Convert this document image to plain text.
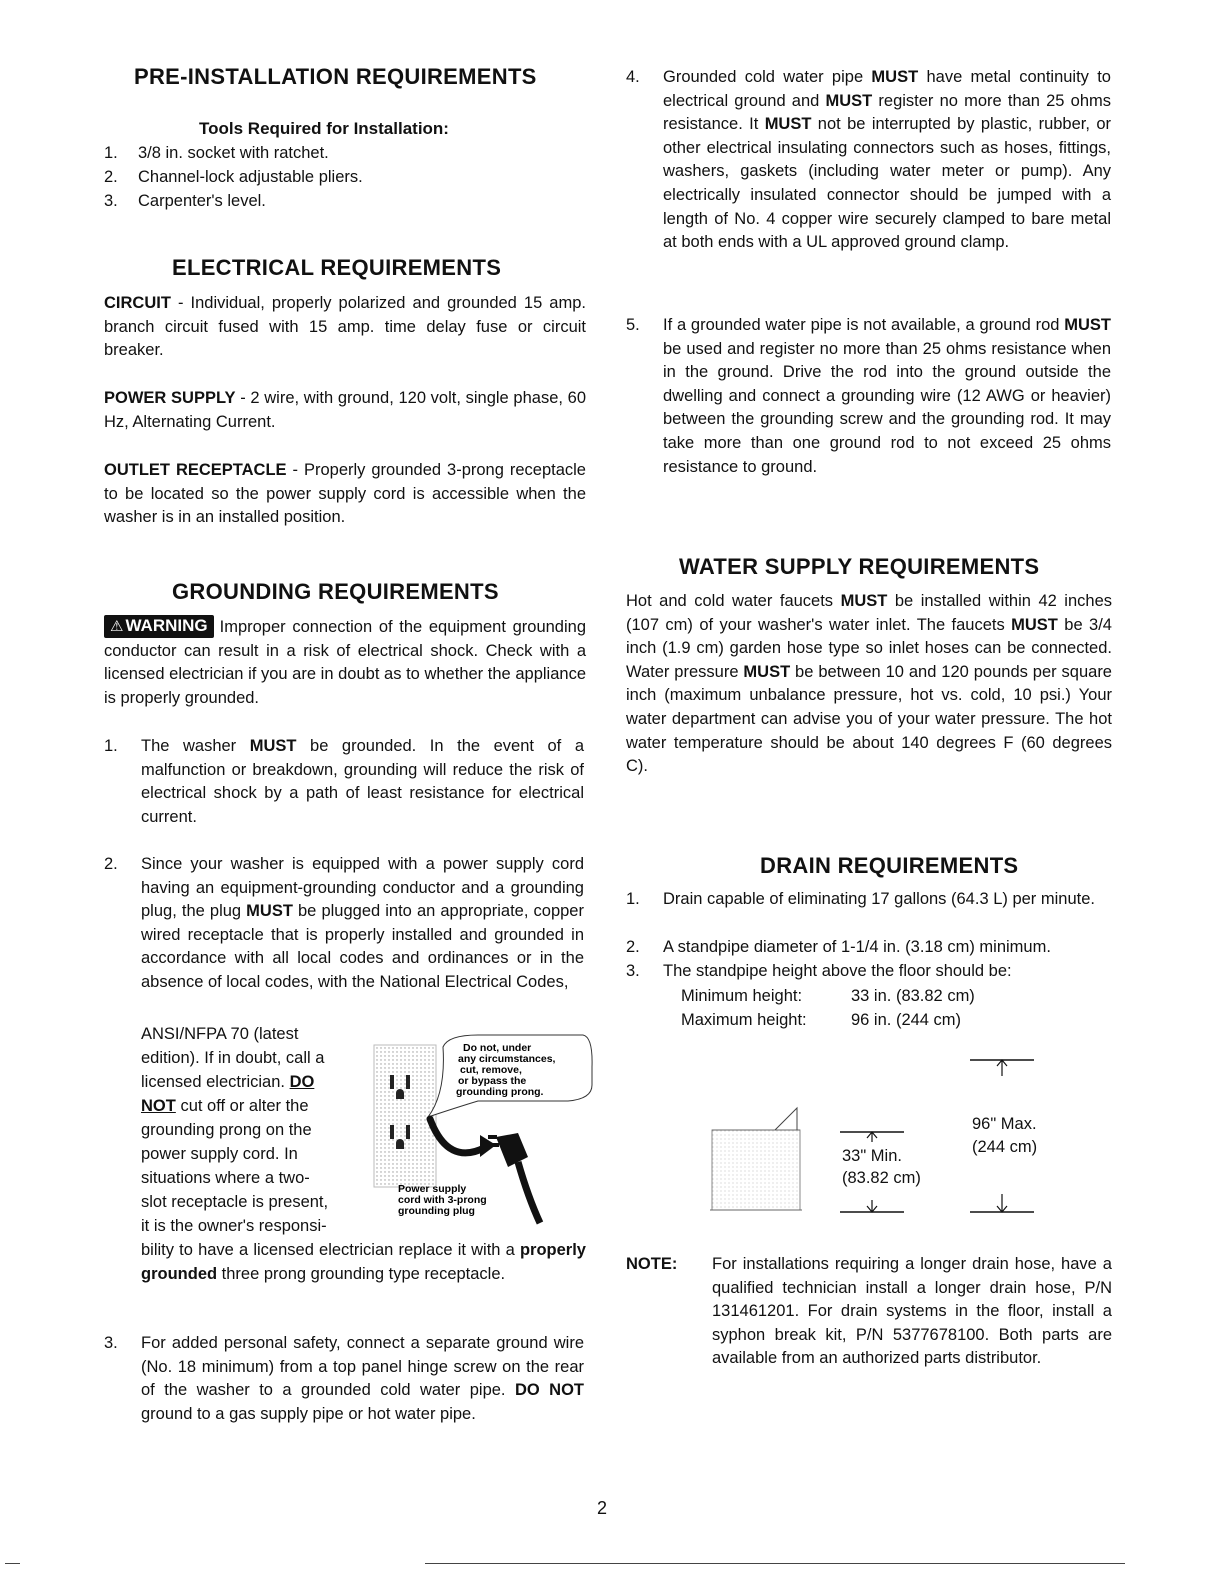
PRE-INSTALLATION REQUIREMENTS
Tools Required for Installation:
1. 3/8 in. socket with ratchet.
2. Channel-lock adjustable pliers.
3. Carpenter's level.
ELECTRICAL REQUIREMENTS
CIRCUIT - Individual, properly polarized and grounded 15 amp. branch circuit fused with 15 amp. time delay fuse or circuit breaker.
POWER SUPPLY - 2 wire, with ground, 120 volt, single phase, 60 Hz, Alternating Current.
OUTLET RECEPTACLE - Properly grounded 3-prong receptacle to be located so the power supply cord is accessible when the washer is in an installed position.
GROUNDING REQUIREMENTS
⚠ WARNING Improper connection of the equipment grounding conductor can result in a risk of electrical shock. Check with a licensed electrician if you are in doubt as to whether the appliance is properly grounded.
1. The washer MUST be grounded. In the event of a malfunction or breakdown, grounding will reduce the risk of electrical shock by a path of least resistance for electrical current.
2. Since your washer is equipped with a power supply cord having an equipment-grounding conductor and a grounding plug, the plug MUST be plugged into an appropriate, copper wired receptacle that is properly installed and grounded in accordance with all local codes and ordinances or in the absence of local codes, with the National Electrical Codes,
ANSI/NFPA 70 (latest
edition). If in doubt, call a
licensed electrician. DO
NOT cut off or alter the
grounding prong on the
power supply cord. In
situations where a two-
slot receptacle is present,
it is the owner's responsi-
Do not, under any circumstances, cut, remove, or bypass the grounding prong.
Power supply cord with 3-prong grounding plug
bility to have a licensed electrician replace it with a properly grounded three prong grounding type receptacle.
3. For added personal safety, connect a separate ground wire (No. 18 minimum) from a top panel hinge screw on the rear of the washer to a grounded cold water pipe. DO NOT ground to a gas supply pipe or hot water pipe.
4. Grounded cold water pipe MUST have metal continuity to electrical ground and MUST register no more than 25 ohms resistance. It MUST not be interrupted by plastic, rubber, or other electrical insulating connectors such as hoses, fittings, washers, gaskets (including water meter or pump). Any electrically insulated connector should be jumped with a length of No. 4 copper wire securely clamped to bare metal at both ends with a UL approved ground clamp.
5. If a grounded water pipe is not available, a ground rod MUST be used and register no more than 25 ohms resistance when in the ground. Drive the rod into the ground outside the dwelling and connect a grounding wire (12 AWG or heavier) between the grounding screw and the grounding rod. It may take more than one ground rod to not exceed 25 ohms resistance to ground.
WATER SUPPLY REQUIREMENTS
Hot and cold water faucets MUST be installed within 42 inches (107 cm) of your washer's water inlet. The faucets MUST be 3/4 inch (1.9 cm) garden hose type so inlet hoses can be connected. Water pressure MUST be between 10 and 120 pounds per square inch (maximum unbalance pressure, hot vs. cold, 10 psi.) Your water department can advise you of your water pressure. The hot water temperature should be about 140 degrees F (60 degrees C).
DRAIN REQUIREMENTS
1. Drain capable of eliminating 17 gallons (64.3 L) per minute.
2. A standpipe diameter of 1-1/4 in. (3.18 cm) minimum.
3. The standpipe height above the floor should be:
Minimum height:	33 in. (83.82 cm)
Maximum height:	96 in. (244 cm)
33" Min.
(83.82 cm)
96" Max.
(244 cm)
NOTE: For installations requiring a longer drain hose, have a qualified technician install a longer drain hose, P/N 131461201. For drain systems in the floor, install a syphon break kit, P/N 5377678100. Both parts are available from an authorized parts distributor.
2
